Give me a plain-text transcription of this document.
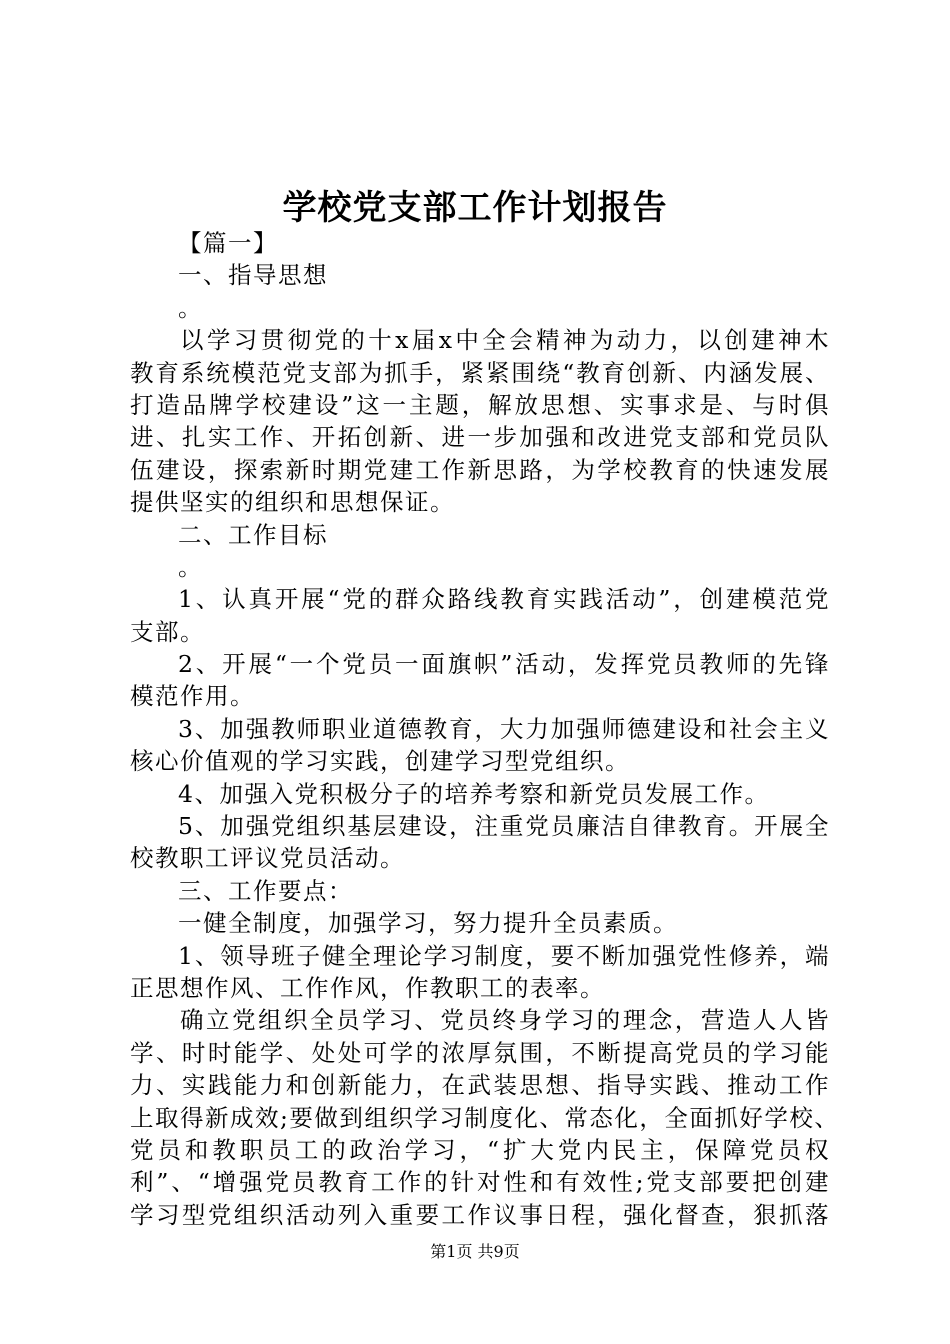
学校党支部工作计划报告
【篇一】
一、指导思想
。
以学习贯彻党的十x届x中全会精神为动力，以创建神木
教育系统模范党支部为抓手，紧紧围绕“教育创新、内涵发展、
打造品牌学校建设”这一主题，解放思想、实事求是、与时俱
进、扎实工作、开拓创新、进一步加强和改进党支部和党员队
伍建设，探索新时期党建工作新思路，为学校教育的快速发展
提供坚实的组织和思想保证。
二、工作目标
。
1、认真开展“党的群众路线教育实践活动”，创建模范党
支部。
2、开展“一个党员一面旗帜”活动，发挥党员教师的先锋
模范作用。
3、加强教师职业道德教育，大力加强师德建设和社会主义
核心价值观的学习实践，创建学习型党组织。
4、加强入党积极分子的培养考察和新党员发展工作。
5、加强党组织基层建设，注重党员廉洁自律教育。开展全
校教职工评议党员活动。
三、工作要点：
一健全制度，加强学习，努力提升全员素质。
1、领导班子健全理论学习制度，要不断加强党性修养，端
正思想作风、工作作风，作教职工的表率。
确立党组织全员学习、党员终身学习的理念，营造人人皆
学、时时能学、处处可学的浓厚氛围，不断提高党员的学习能
力、实践能力和创新能力，在武装思想、指导实践、推动工作
上取得新成效;要做到组织学习制度化、常态化，全面抓好学校、
党员和教职员工的政治学习，“扩大党内民主，保障党员权
利”、“增强党员教育工作的针对性和有效性;党支部要把创建
学习型党组织活动列入重要工作议事日程，强化督查，狠抓落
第1页 共9页
